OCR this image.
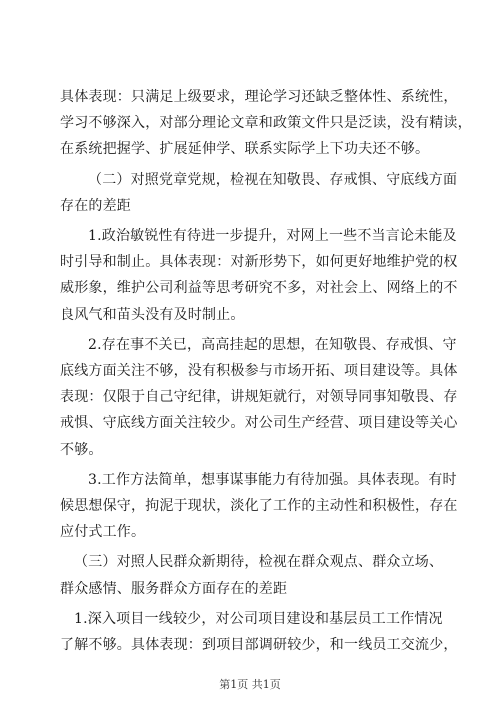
具体表现：只满足上级要求，理论学习还缺乏整体性、系统性，
学习不够深入，对部分理论文章和政策文件只是泛读，没有精读，
在系统把握学、扩展延伸学、联系实际学上下功夫还不够。
（二）对照党章党规，检视在知敬畏、存戒惧、守底线方面
存在的差距
1.政治敏锐性有待进一步提升，对网上一些不当言论未能及
时引导和制止。具体表现：对新形势下，如何更好地维护党的权
威形象，维护公司利益等思考研究不多，对社会上、网络上的不
良风气和苗头没有及时制止。
2.存在事不关已，高高挂起的思想，在知敬畏、存戒惧、守
底线方面关注不够，没有积极参与市场开拓、项目建设等。具体
表现：仅限于自己守纪律，讲规矩就行，对领导同事知敬畏、存
戒惧、守底线方面关注较少。对公司生产经营、项目建设等关心
不够。
3.工作方法简单，想事谋事能力有待加强。具体表现。有时
候思想保守，拘泥于现状，淡化了工作的主动性和积极性，存在
应付式工作。
（三）对照人民群众新期待，检视在群众观点、群众立场、
群众感情、服务群众方面存在的差距
1.深入项目一线较少，对公司项目建设和基层员工工作情况
了解不够。具体表现：到项目部调研较少，和一线员工交流少，
第1页 共1页
